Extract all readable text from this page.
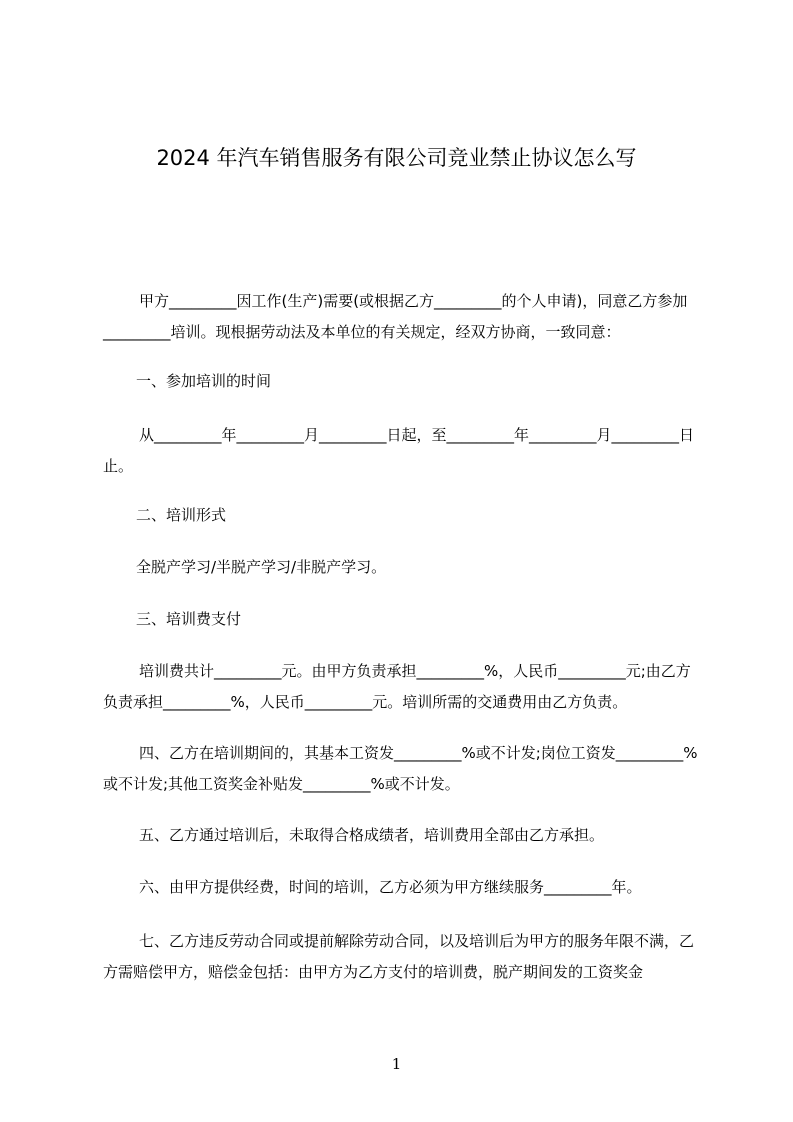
2024 年汽车销售服务有限公司竞业禁止协议怎么写

甲方_________因工作(生产)需要(或根据乙方_________的个人申请)，同意乙方参加_________培训。现根据劳动法及本单位的有关规定，经双方协商，一致同意：

一、参加培训的时间

从_________年_________月_________日起，至_________年_________月_________日止。

二、培训形式

全脱产学习/半脱产学习/非脱产学习。

三、培训费支付

培训费共计_________元。由甲方负责承担_________%，人民币_________元;由乙方负责承担_________%，人民币_________元。培训所需的交通费用由乙方负责。

四、乙方在培训期间的，其基本工资发_________%或不计发;岗位工资发_________%或不计发;其他工资奖金补贴发_________%或不计发。

五、乙方通过培训后，未取得合格成绩者，培训费用全部由乙方承担。

六、由甲方提供经费，时间的培训，乙方必须为甲方继续服务_________年。

七、乙方违反劳动合同或提前解除劳动合同，以及培训后为甲方的服务年限不满，乙方需赔偿甲方，赔偿金包括：由甲方为乙方支付的培训费，脱产期间发的工资奖金

1
